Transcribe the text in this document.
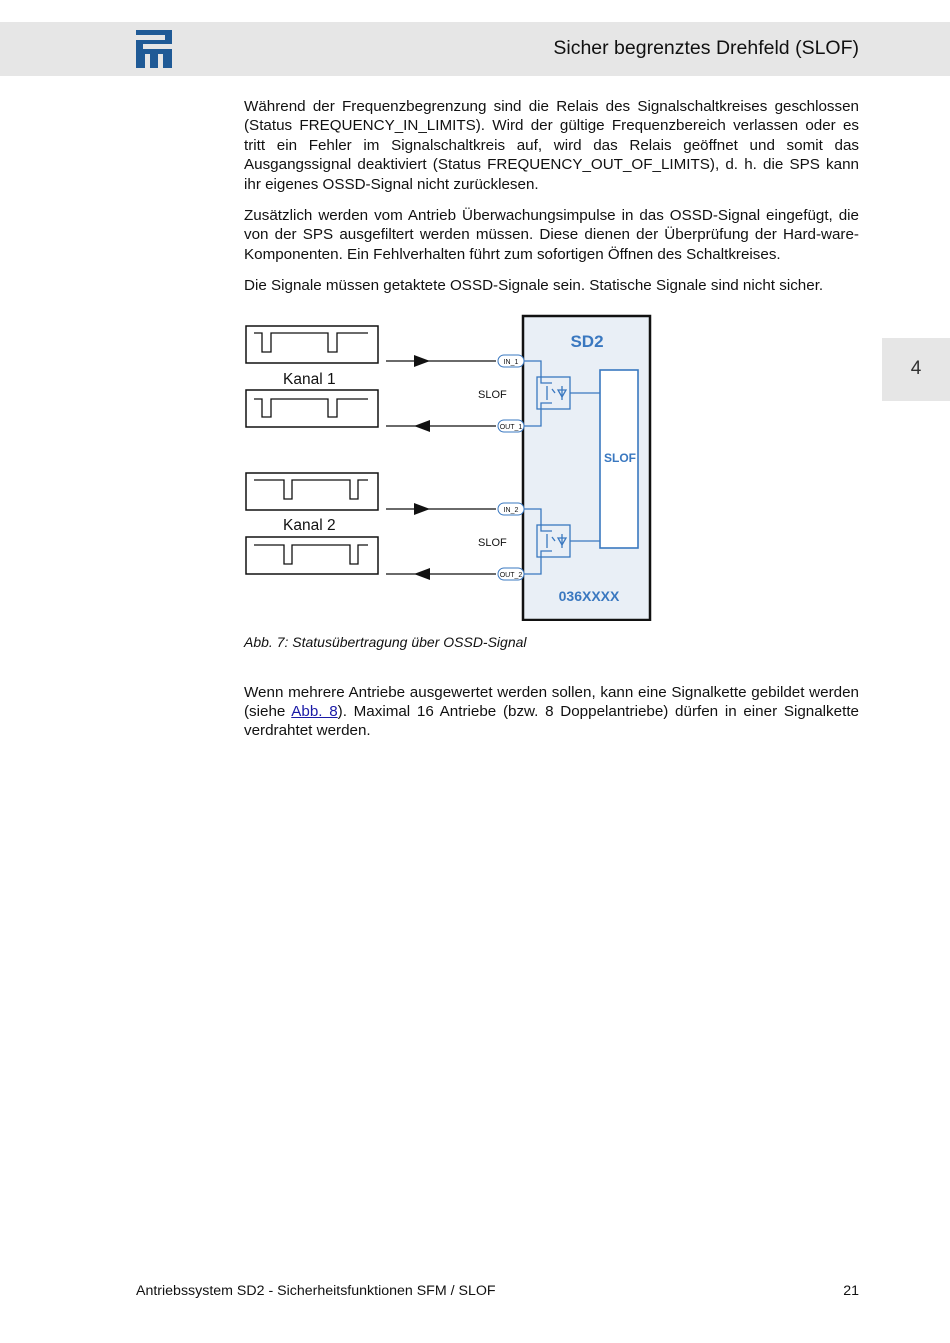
Sicher begrenztes Drehfeld (SLOF)
4

Während der Frequenzbegrenzung sind die Relais des Signalschaltkreises geschlossen (Status FREQUENCY_IN_LIMITS). Wird der gültige Frequenzbereich verlassen oder es tritt ein Fehler im Signalschaltkreis auf, wird das Relais geöffnet und somit das Ausgangssignal deaktiviert (Status FREQUENCY_OUT_OF_LIMITS), d. h. die SPS kann ihr eigenes OSSD-Signal nicht zurücklesen.

Zusätzlich werden vom Antrieb Überwachungsimpulse in das OSSD-Signal eingefügt, die von der SPS ausgefiltert werden müssen. Diese dienen der Überprüfung der Hard-ware-Komponenten. Ein Fehlverhalten führt zum sofortigen Öffnen des Schaltkreises.

Die Signale müssen getaktete OSSD-Signale sein. Statische Signale sind nicht sicher.

Kanal 1
Kanal 2
SLOF
SLOF
SD2
036XXXX
SLOF
IN_1
OUT_1
IN_2
OUT_2
Abb. 7: Statusübertragung über OSSD-Signal

Wenn mehrere Antriebe ausgewertet werden sollen, kann eine Signalkette gebildet werden (siehe Abb. 8). Maximal 16 Antriebe (bzw. 8 Doppelantriebe) dürfen in einer Signalkette verdrahtet werden.

Antriebssystem SD2 - Sicherheitsfunktionen SFM / SLOF	21
